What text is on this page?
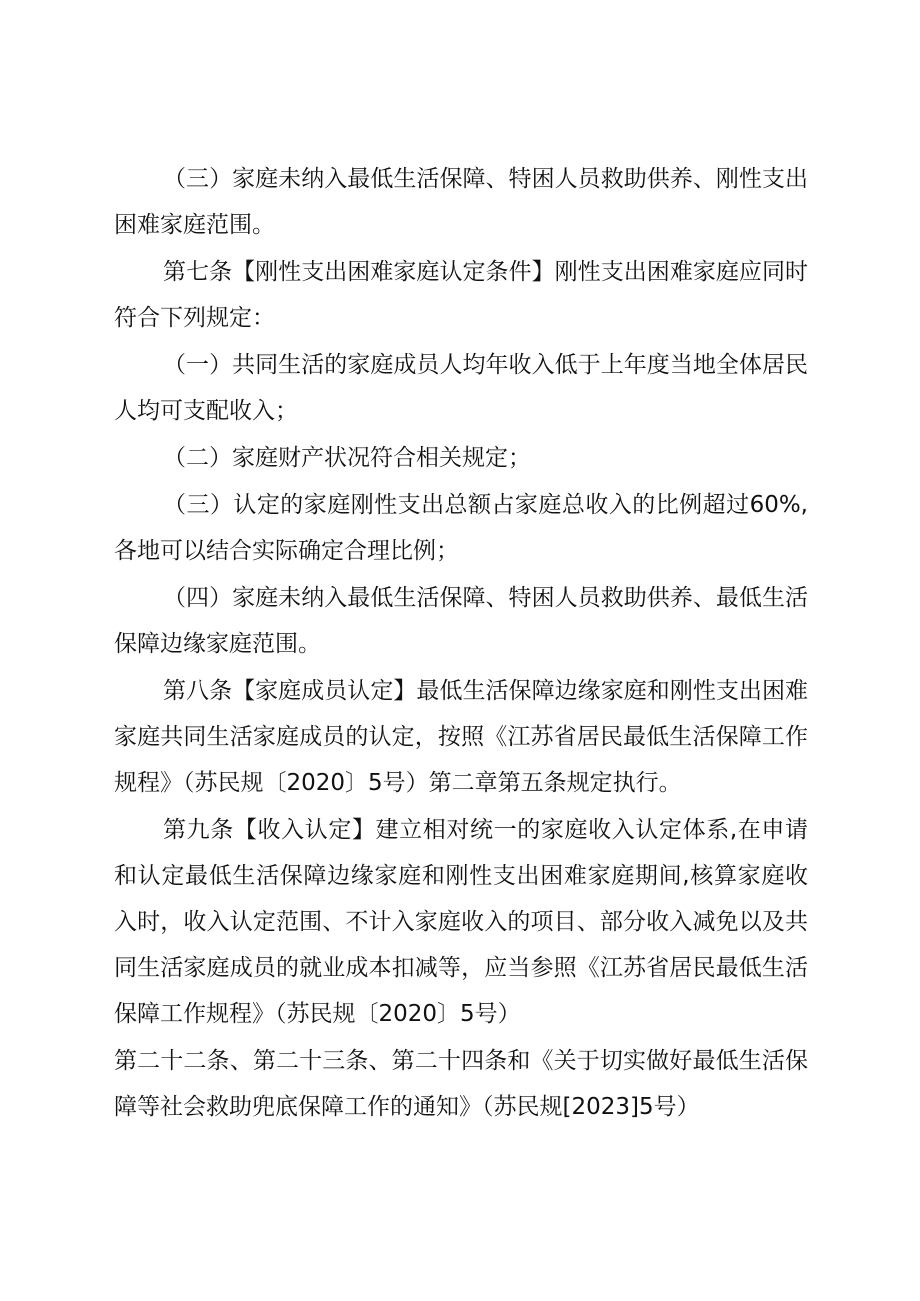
（三）家庭未纳入最低生活保障、特困人员救助供养、刚性支出困难家庭范围。

第七条【刚性支出困难家庭认定条件】刚性支出困难家庭应同时符合下列规定：

（一）共同生活的家庭成员人均年收入低于上年度当地全体居民人均可支配收入；

（二）家庭财产状况符合相关规定；

（三）认定的家庭刚性支出总额占家庭总收入的比例超过60%,各地可以结合实际确定合理比例；

（四）家庭未纳入最低生活保障、特困人员救助供养、最低生活保障边缘家庭范围。

第八条【家庭成员认定】最低生活保障边缘家庭和刚性支出困难家庭共同生活家庭成员的认定，按照《江苏省居民最低生活保障工作规程》（苏民规〔2020〕5号）第二章第五条规定执行。

第九条【收入认定】建立相对统一的家庭收入认定体系,在申请和认定最低生活保障边缘家庭和刚性支出困难家庭期间,核算家庭收入时，收入认定范围、不计入家庭收入的项目、部分收入减免以及共同生活家庭成员的就业成本扣减等，应当参照《江苏省居民最低生活保障工作规程》（苏民规〔2020〕5号）

第二十二条、第二十三条、第二十四条和《关于切实做好最低生活保障等社会救助兜底保障工作的通知》（苏民规[2023]5号）
